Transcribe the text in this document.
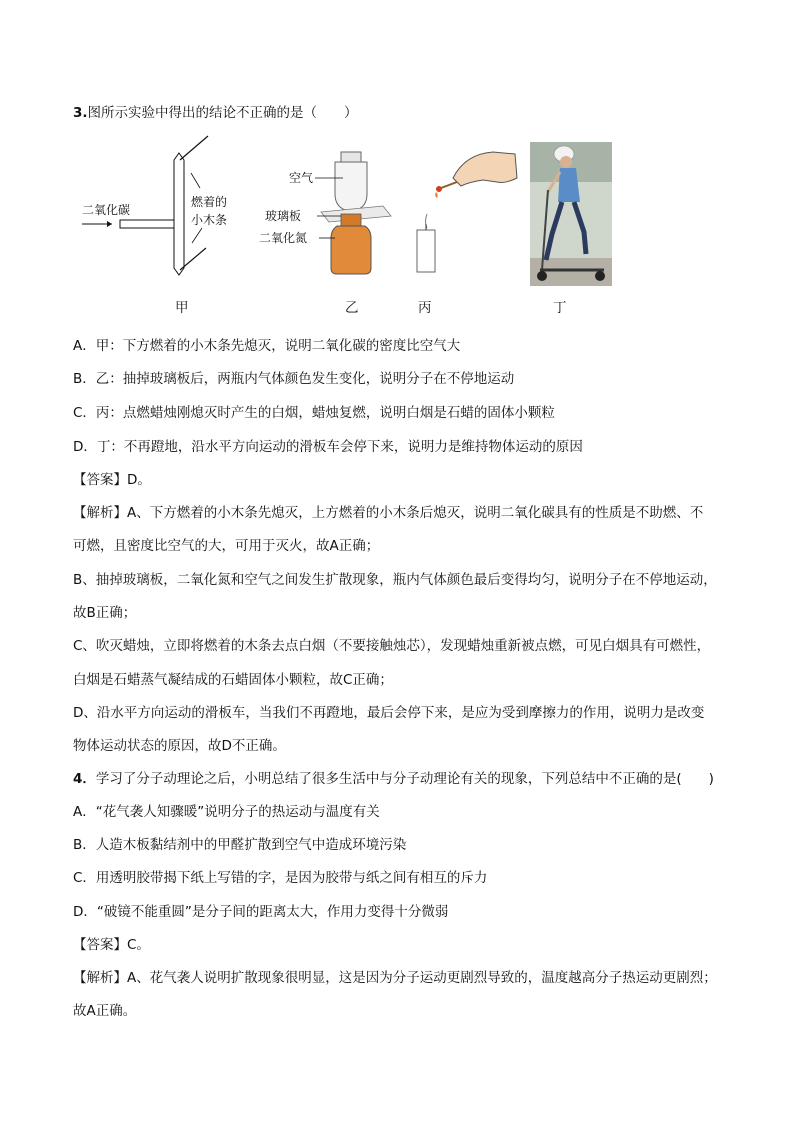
3.图所示实验中得出的结论不正确的是（　　）
二氧化碳
燃着的
小木条
甲
空气
玻璃板
二氧化氮
乙	丙	丁
A．甲：下方燃着的小木条先熄灭，说明二氧化碳的密度比空气大
B．乙：抽掉玻璃板后，两瓶内气体颜色发生变化，说明分子在不停地运动
C．丙：点燃蜡烛刚熄灭时产生的白烟，蜡烛复燃，说明白烟是石蜡的固体小颗粒
D．丁：不再蹬地，沿水平方向运动的滑板车会停下来，说明力是维持物体运动的原因
【答案】D。
【解析】A、下方燃着的小木条先熄灭，上方燃着的小木条后熄灭，说明二氧化碳具有的性质是不助燃、不
可燃，且密度比空气的大，可用于灭火，故A正确；
B、抽掉玻璃板，二氧化氮和空气之间发生扩散现象，瓶内气体颜色最后变得均匀，说明分子在不停地运动，
故B正确；
C、吹灭蜡烛，立即将燃着的木条去点白烟（不要接触烛芯），发现蜡烛重新被点燃，可见白烟具有可燃性，
白烟是石蜡蒸气凝结成的石蜡固体小颗粒，故C正确；
D、沿水平方向运动的滑板车，当我们不再蹬地，最后会停下来，是应为受到摩擦力的作用，说明力是改变
物体运动状态的原因，故D不正确。
4．学习了分子动理论之后，小明总结了很多生活中与分子动理论有关的现象，下列总结中不正确的是(　　)
A．“花气袭人知骤暖”说明分子的热运动与温度有关
B．人造木板黏结剂中的甲醛扩散到空气中造成环境污染
C．用透明胶带揭下纸上写错的字，是因为胶带与纸之间有相互的斥力
D．“破镜不能重圆”是分子间的距离太大，作用力变得十分微弱
【答案】C。
【解析】A、花气袭人说明扩散现象很明显，这是因为分子运动更剧烈导致的，温度越高分子热运动更剧烈；
故A正确。
